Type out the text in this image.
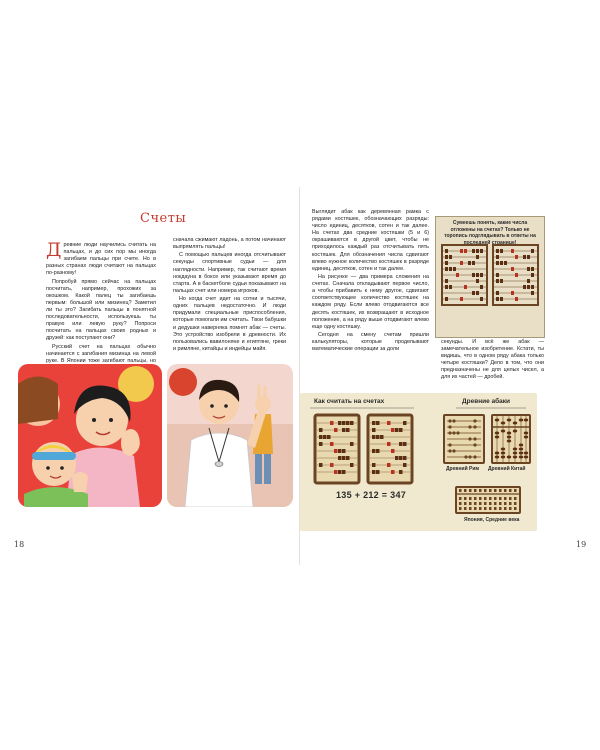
Счеты

Древние люди научились считать на пальцах, и до сих пор мы иногда загибаем пальцы при счете. Но в разных странах люди считают на пальцах по-разному!

Попробуй прямо сейчас на пальцах посчитать, например, прохожих за окошком. Какой палец ты загибаешь первым: большой или мизинец? Заметил ли ты это? Загибать пальцы в понятной последовательности, используешь ты правую или левую руку? Попроси посчитать на пальцах своих родных и друзей: как поступают они?

Русский счет на пальцах обычно начинается с загибания мизинца на левой руке. В Японии тоже загибают пальцы, но

сначала сжимают ладонь, а потом начинают выпрямлять пальцы!

С помощью пальцев иногда отсчитывают секунды спортивные судьи — для наглядности. Например, так считают время нокдауна в боксе или указывают время до старта. А в баскетболе судьи показывают на пальцах счет или номера игроков.

Но когда счет идет на сотни и тысячи, одних пальцев недостаточно. И люди придумали специальные приспособления, которые помогали им считать. Твои бабушки и дедушки наверняка помнят абак — счеты. Это устройство изобрели в древности. Их пользовались вавилоняне и египтяне, греки и римляне, китайцы и индейцы майя.

18

Выглядит абак как деревянная рамка с рядами костяшек, обозначающих разряды: число единиц, десятков, сотен и так далее. На счетах два средние костяшки (5 и 6) окрашиваются в другой цвет, чтобы не приходилось каждый раз отсчитывать пять костяшек. Для обозначения числа сдвигают влево нужное количество костяшек в разряде единиц, десятков, сотен и так далее.

На рисунке — два примера сложения на счетах. Сначала откладывают первое число, а чтобы прибавить к нему другое, сдвигают соответствующее количество костяшек на каждом ряду. Если влево отодвигаются все десять костяшек, их возвращают в исходное положение, а на ряду выше отодвигают влево еще одну костяшку.

Сегодня на смену счетам пришли калькуляторы, которые проделывают математические операции за доли

Сумеешь понять, какие числа отложены на счетах? Только не торопись подглядывать в ответы на последней странице!

секунды. И всё же абак — замечательное изобретение. Кстати, ты видишь, что в одном ряду абака только четыре костяшки? Дело в том, что они предназначены не для целых чисел, а для их частей — дробей.

Как считать на счетах	Древние абаки
135 + 212 = 347
Древний Рим Древний Китай
Япония, Средние века
19
